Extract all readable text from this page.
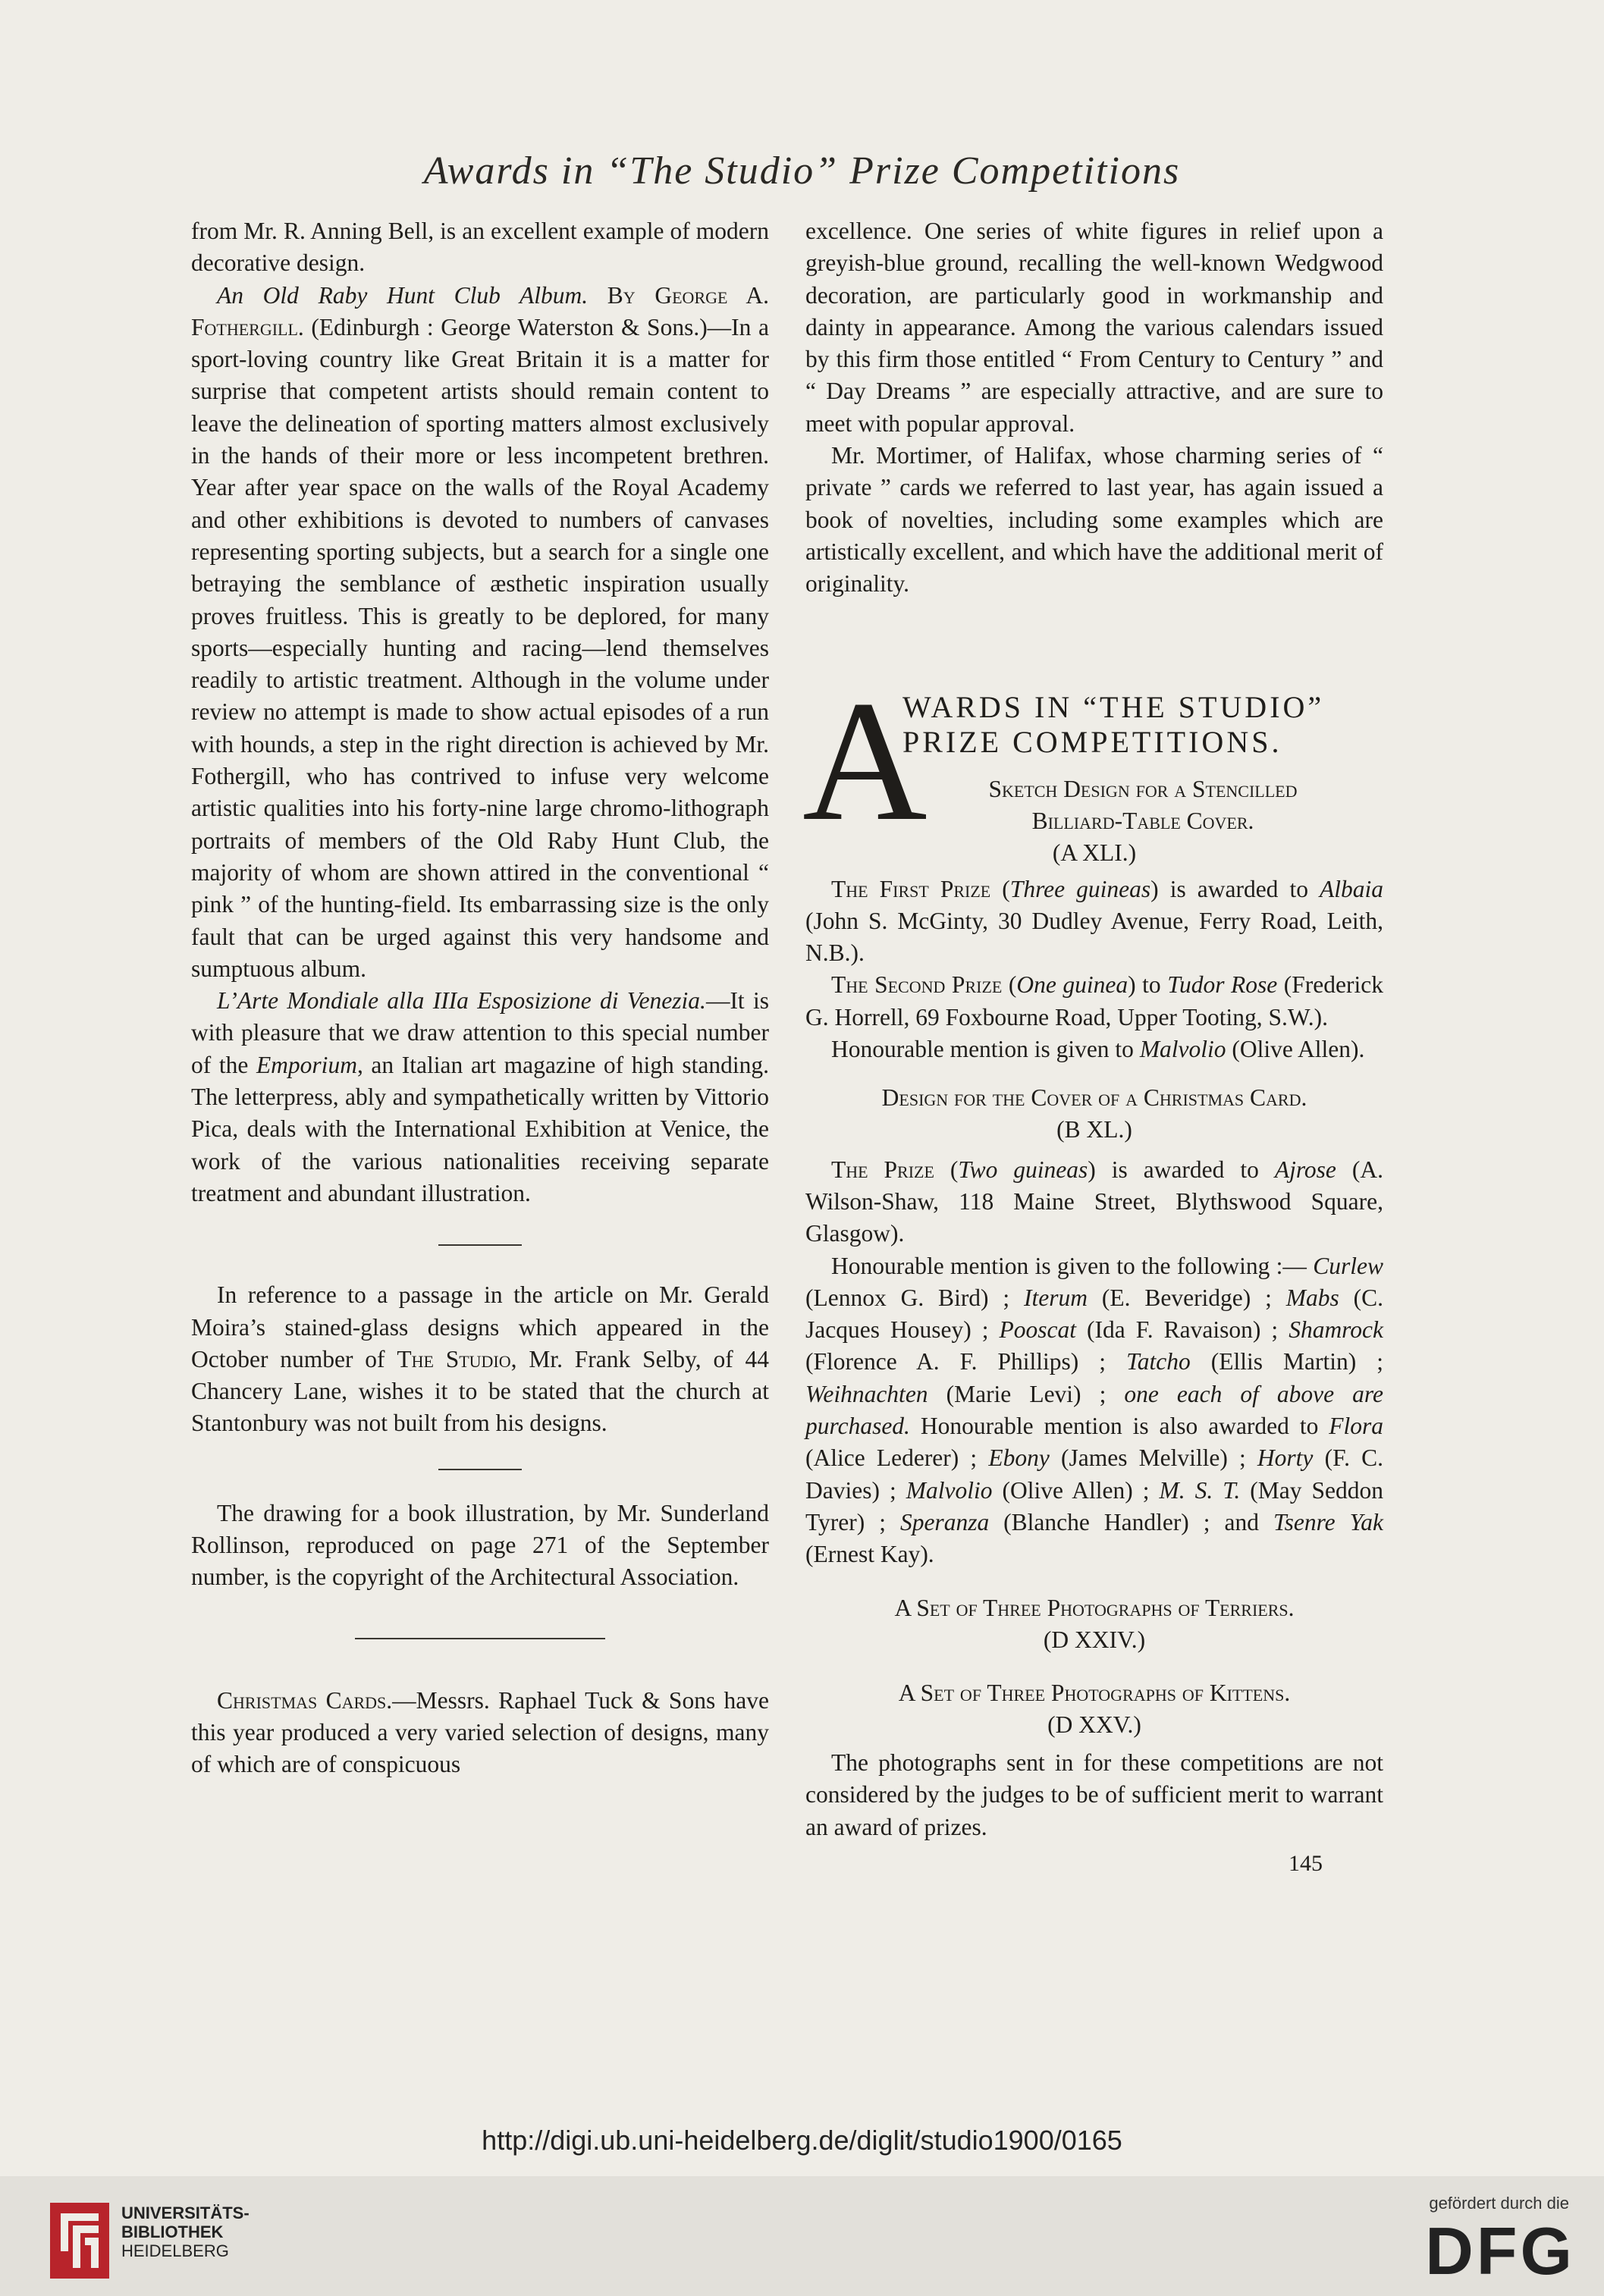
Awards in “The Studio” Prize Competitions

from Mr. R. Anning Bell, is an excellent example of modern decorative design.

An Old Raby Hunt Club Album. By George A. Fothergill. (Edinburgh : George Waterston & Sons.)—In a sport-loving country like Great Britain it is a matter for surprise that competent artists should remain content to leave the delineation of sporting matters almost exclusively in the hands of their more or less incompetent brethren. Year after year space on the walls of the Royal Academy and other exhibitions is devoted to numbers of canvases representing sporting subjects, but a search for a single one betraying the semblance of æsthetic inspiration usually proves fruitless. This is greatly to be deplored, for many sports—especially hunting and racing—lend themselves readily to artistic treatment. Although in the volume under review no attempt is made to show actual episodes of a run with hounds, a step in the right direction is achieved by Mr. Fothergill, who has contrived to infuse very welcome artistic qualities into his forty-nine large chromo-lithograph portraits of members of the Old Raby Hunt Club, the majority of whom are shown attired in the conventional “ pink ” of the hunting-field. Its embarrassing size is the only fault that can be urged against this very handsome and sumptuous album.

L’Arte Mondiale alla IIIa Esposizione di Venezia.—It is with pleasure that we draw attention to this special number of the Emporium, an Italian art magazine of high standing. The letterpress, ably and sympathetically written by Vittorio Pica, deals with the International Exhibition at Venice, the work of the various nationalities receiving separate treatment and abundant illustration.

In reference to a passage in the article on Mr. Gerald Moira’s stained-glass designs which appeared in the October number of The Studio, Mr. Frank Selby, of 44 Chancery Lane, wishes it to be stated that the church at Stantonbury was not built from his designs.

The drawing for a book illustration, by Mr. Sunderland Rollinson, reproduced on page 271 of the September number, is the copyright of the Architectural Association.

Christmas Cards.—Messrs. Raphael Tuck & Sons have this year produced a very varied selection of designs, many of which are of conspicuous

excellence. One series of white figures in relief upon a greyish-blue ground, recalling the well-known Wedgwood decoration, are particularly good in workmanship and dainty in appearance. Among the various calendars issued by this firm those entitled “ From Century to Century ” and “ Day Dreams ” are especially attractive, and are sure to meet with popular approval.

Mr. Mortimer, of Halifax, whose charming series of “ private ” cards we referred to last year, has again issued a book of novelties, including some examples which are artistically excellent, and which have the additional merit of originality.

A
WARDS IN “THE STUDIO”
PRIZE COMPETITIONS.
Sketch Design for a Stencilled
Billiard-Table Cover.
(A XLI.)

The First Prize (Three guineas) is awarded to Albaia (John S. McGinty, 30 Dudley Avenue, Ferry Road, Leith, N.B.).

The Second Prize (One guinea) to Tudor Rose (Frederick G. Horrell, 69 Foxbourne Road, Upper Tooting, S.W.).

Honourable mention is given to Malvolio (Olive Allen).

Design for the Cover of a Christmas Card.
(B XL.)

The Prize (Two guineas) is awarded to Ajrose (A. Wilson-Shaw, 118 Maine Street, Blythswood Square, Glasgow).

Honourable mention is given to the following :— Curlew (Lennox G. Bird) ; Iterum (E. Beveridge) ; Mabs (C. Jacques Housey) ; Pooscat (Ida F. Ravaison) ; Shamrock (Florence A. F. Phillips) ; Tatcho (Ellis Martin) ; Weihnachten (Marie Levi) ; one each of above are purchased. Honourable mention is also awarded to Flora (Alice Lederer) ; Ebony (James Melville) ; Horty (F. C. Davies) ; Malvolio (Olive Allen) ; M. S. T. (May Seddon Tyrer) ; Speranza (Blanche Handler) ; and Tsenre Yak (Ernest Kay).

A Set of Three Photographs of Terriers.
(D XXIV.)
A Set of Three Photographs of Kittens.
(D XXV.)

The photographs sent in for these competitions are not considered by the judges to be of sufficient merit to warrant an award of prizes.

145
http://digi.ub.uni-heidelberg.de/diglit/studio1900/0165
UNIVERSITÄTS-
BIBLIOTHEK
HEIDELBERG
gefördert durch die
DFG
